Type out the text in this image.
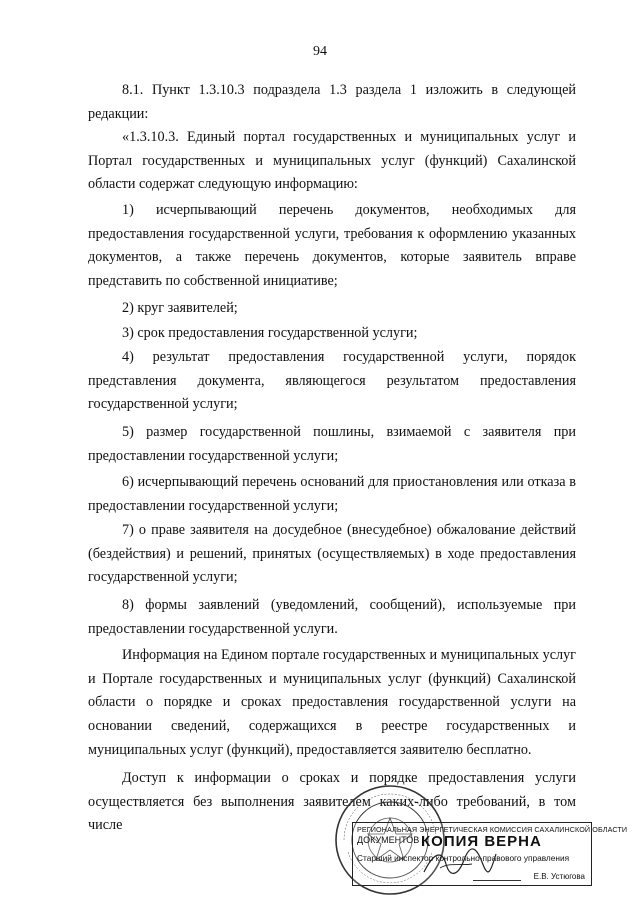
94

8.1. Пункт 1.3.10.3 подраздела 1.3 раздела 1 изложить в следующей редакции:

«1.3.10.3. Единый портал государственных и муниципальных услуг и Портал государственных и муниципальных услуг (функций) Сахалинской области содержат следующую информацию:

1) исчерпывающий перечень документов, необходимых для предоставления государственной услуги, требования к оформлению указанных документов, а также перечень документов, которые заявитель вправе представить по собственной инициативе;

2) круг заявителей;

3) срок предоставления государственной услуги;

4) результат предоставления государственной услуги, порядок представления документа, являющегося результатом предоставления государственной услуги;

5) размер государственной пошлины, взимаемой с заявителя при предоставлении государственной услуги;

6) исчерпывающий перечень оснований для приостановления или отказа в предоставлении государственной услуги;

7) о праве заявителя на досудебное (внесудебное) обжалование действий (бездействия) и решений, принятых (осуществляемых) в ходе предоставления государственной услуги;

8) формы заявлений (уведомлений, сообщений), используемые при предоставлении государственной услуги.

Информация на Едином портале государственных и муниципальных услуг и Портале государственных и муниципальных услуг (функций) Сахалинской области о порядке и сроках предоставления государственной услуги на основании сведений, содержащихся в реестре государственных и муниципальных услуг (функций), предоставляется заявителю бесплатно.

Доступ к информации о сроках и порядке предоставления услуги осуществляется без выполнения заявителем каких-либо требований, в том числе	РЕГИОНАЛЬНАЯ ЭНЕРГЕТИЧЕСКАЯ КОМИССИЯ САХАЛИНСКОЙ ОБЛАСТИ
ДОКУМЕНТОВ КОПИЯ ВЕРНА
Старший инспектор контрольно-правового управления
Е.В. Устюгова
